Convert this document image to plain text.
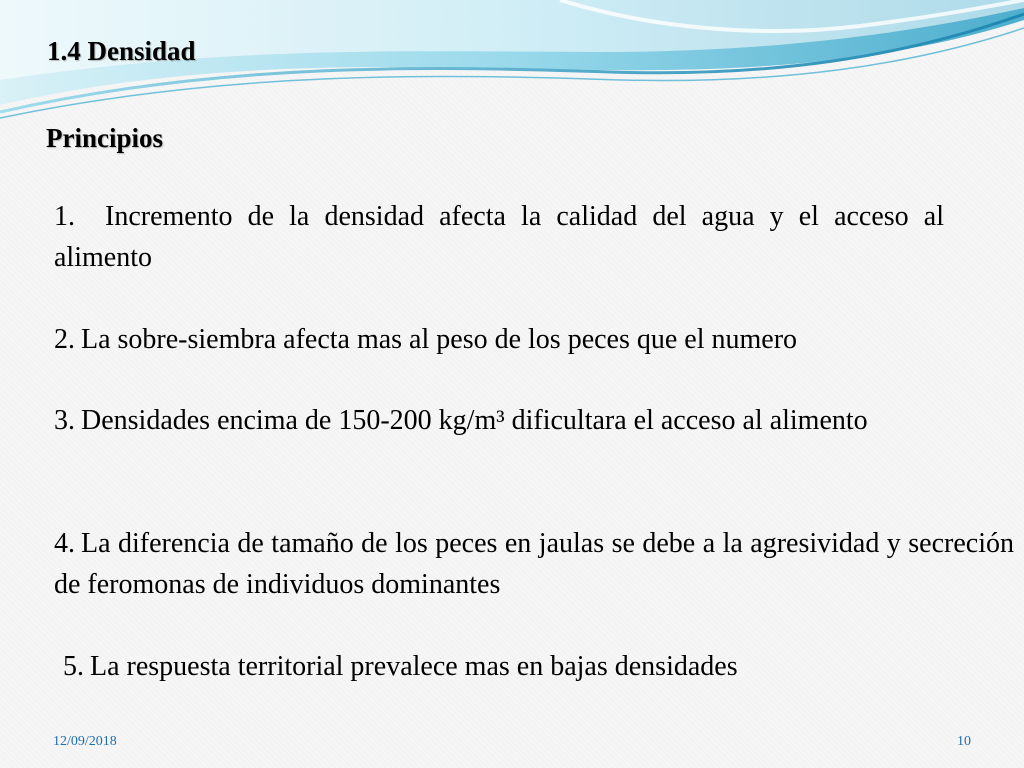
1.4 Densidad
Principios
1. Incremento de la densidad afecta la calidad del agua y el acceso al alimento
2. La sobre-siembra afecta mas al peso de los peces que el numero
3. Densidades encima de 150-200 kg/m³ dificultara el acceso al alimento
4. La diferencia de tamaño de los peces en jaulas se debe a la agresividad y secreción de feromonas de individuos dominantes
5. La respuesta territorial prevalece mas en bajas densidades
12/09/2018	10
